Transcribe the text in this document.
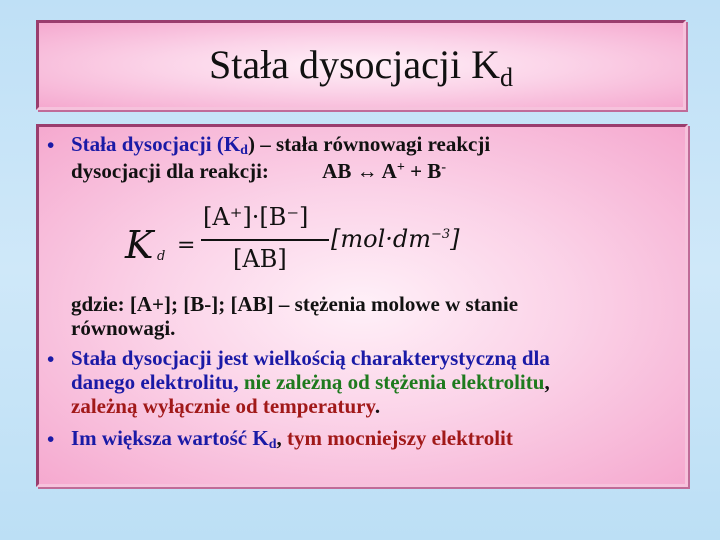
Stała dysocjacji $K_d$
• Stała dysocjacji $(K_d)$ – stała równowagi reakcji
dysocjacji dla reakcji:	AB ↔ A+ + B-
K d =
[A⁺]·[B⁻]
[AB]
$[mol\cdot dm^{-3}]$
gdzie: [A+]; [B-]; [AB] – stężenia molowe w stanie
równowagi.
• Stała dysocjacji jest wielkością charakterystyczną dla
danego elektrolitu, nie zależną od stężenia elektrolitu,
zależną wyłącznie od temperatury.
• Im większa wartość $K_d$, tym mocniejszy elektrolit
